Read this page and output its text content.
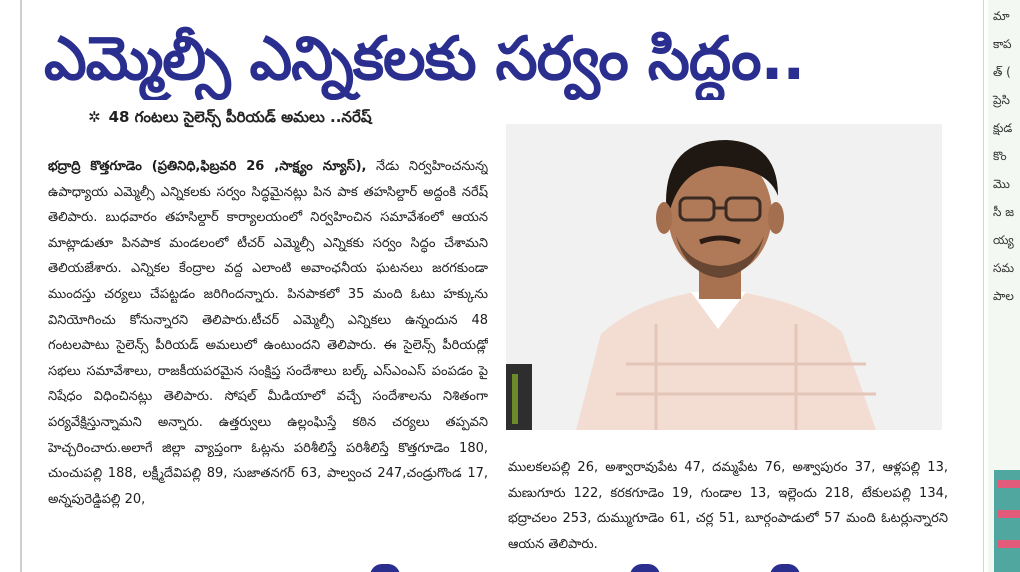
ఎమ్మెల్సీ ఎన్నికలకు సర్వం సిద్ధం..
✲ 48 గంటలు సైలెన్స్ పీరియడ్ అమలు ..నరేష్
భద్రాద్రి కొత్తగూడెం (ప్రతినిధి,ఫిబ్రవరి 26 ,సాక్ష్యం న్యూస్), నేడు నిర్వహించనున్న ఉపాధ్యాయ ఎమ్మెల్సీ ఎన్నికలకు సర్వం సిద్ధమైనట్లు పిన పాక తహసిల్దార్ అద్దంకి నరేష్ తెలిపారు. బుధవారం తహసిల్దార్ కార్యాలయంలో నిర్వహించిన సమావేశంలో ఆయన మాట్లాడుతూ పినపాక మండలంలో టీచర్ ఎమ్మెల్సీ ఎన్నికకు సర్వం సిద్ధం చేశామని తెలియజేశారు. ఎన్నికల కేంద్రాల వద్ద ఎలాంటి అవాంఛనీయ ఘటనలు జరగకుండా ముందస్తు చర్యలు చేపట్టడం జరిగిందన్నారు. పినపాకలో 35 మంది ఓటు హక్కును వినియోగించు కోనున్నారని తెలిపారు.టీచర్ ఎమ్మెల్సీ ఎన్నికలు ఉన్నందున 48 గంటలపాటు సైలెన్స్ పీరియడ్ అమలులో ఉంటుందని తెలిపారు. ఈ సైలెన్స్ పీరియడ్లో సభలు సమావేశాలు, రాజకీయపరమైన సంక్షిప్త సందేశాలు బల్క్ ఎస్ఎంఎస్ పంపడం పై నిషేధం విధించినట్లు తెలిపారు. సోషల్ మీడియాలో వచ్చే సందేశాలను నిశితంగా పర్యవేక్షిస్తున్నామని అన్నారు. ఉత్తర్వులు ఉల్లంఘిస్తే కఠిన చర్యలు తప్పవని హెచ్చరించారు.అలాగే జిల్లా వ్యాప్తంగా ఓట్లను పరిశీలిస్తే పరిశీలిస్తే కొత్తగూడెం 180, చుంచుపల్లి 188, లక్ష్మీదేవిపల్లి 89, సుజాతనగర్ 63, పాల్వంచ 247,చండ్రుగొండ 17, అన్నపురెడ్డిపల్లి 20,
ములకలపల్లి 26, అశ్వారావుపేట 47, దమ్మపేట 76, అశ్వాపురం 37, ఆళ్లపల్లి 13, మణుగూరు 122, కరకగూడెం 19, గుండాల 13, ఇల్లెందు 218, టేకులపల్లి 134, భద్రాచలం 253, దుమ్ముగూడెం 61, చర్ల 51, బూర్గంపాడులో 57 మంది ఓటర్లున్నారని ఆయన తెలిపారు.
మా
కాప
త్ (
ప్రెసి
క్షుడ
కొం
మెు
సీ జ
య్య
సమ
పాల
